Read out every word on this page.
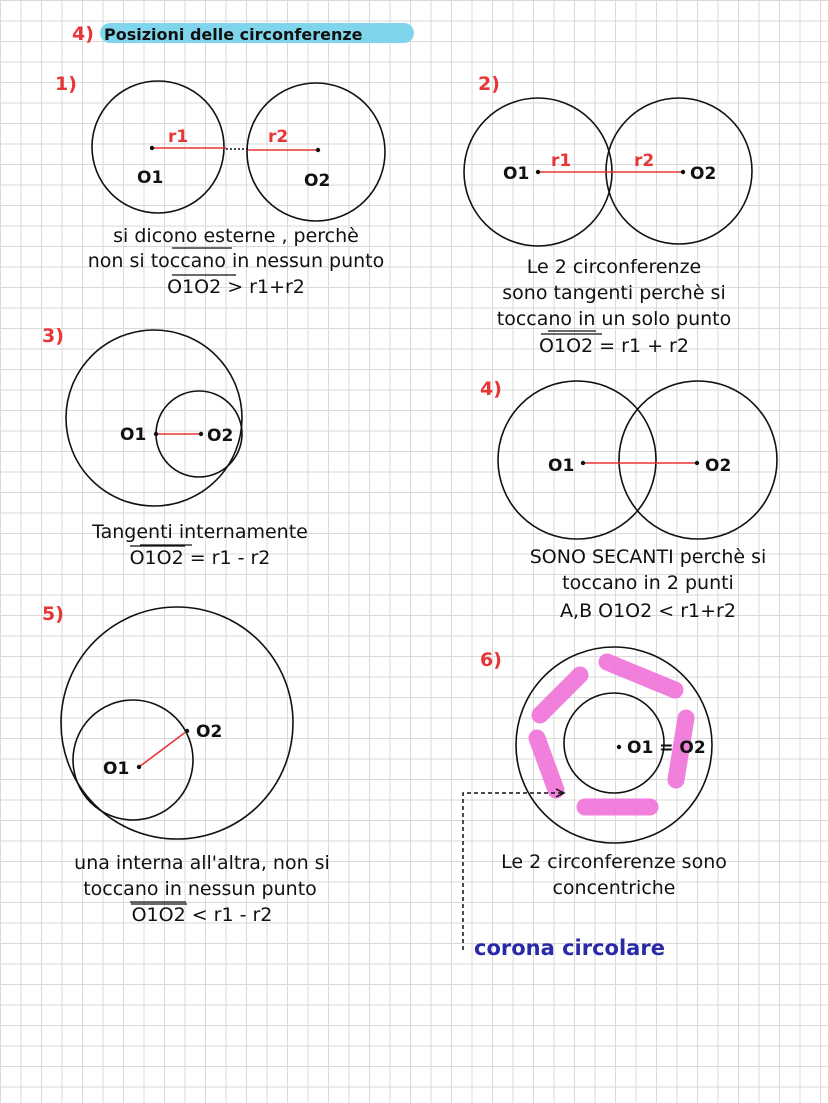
4) Posizioni delle circonferenze
1)
r1	r2
O1	O2
si dicono esterne , perchè
non si toccano in nessun punto
O1O2 > r1+r2
2)
r1	r2
O1	O2
Le 2 circonferenze
sono tangenti perchè si
toccano in un solo punto
O1O2 = r1 + r2
3)
O1	O2
Tangenti internamente
O1O2 = r1 - r2
4)
O1	O2
SONO SECANTI perchè si
toccano in 2 punti
A,B O1O2 < r1+r2
5)
O1
O2
una interna all'altra, non si
toccano in nessun punto
O1O2 < r1 - r2
6)
O1 = O2
Le 2 circonferenze sono
concentriche
corona circolare
